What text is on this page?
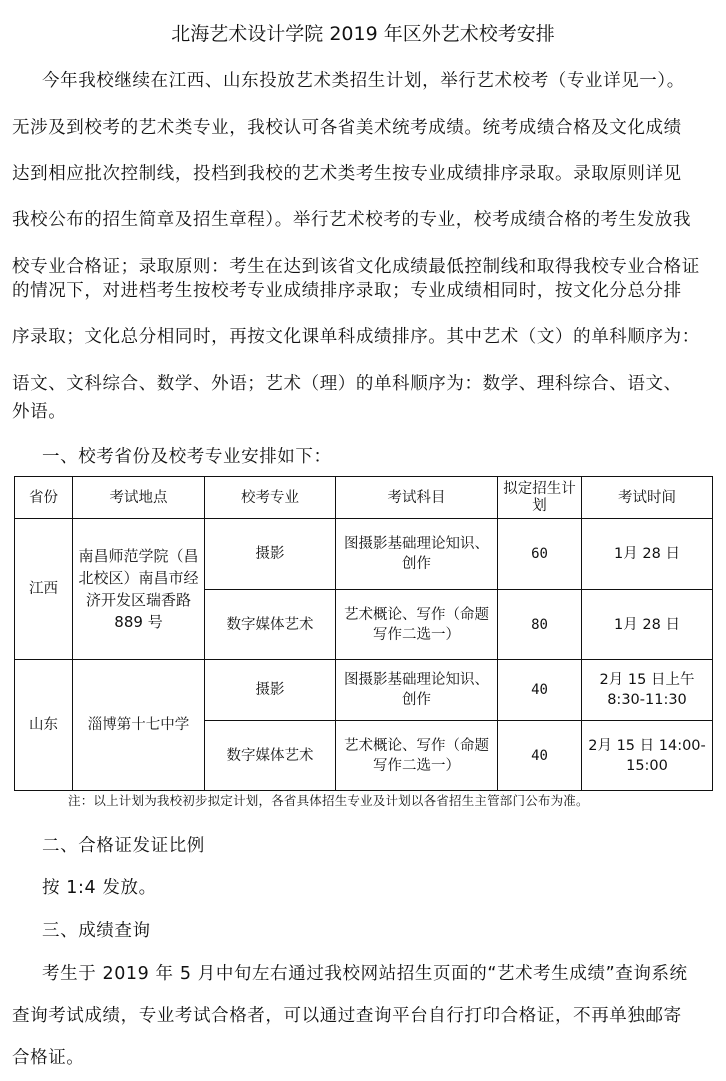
北海艺术设计学院 2019 年区外艺术校考安排
今年我校继续在江西、山东投放艺术类招生计划，举行艺术校考（专业详见一）。
无涉及到校考的艺术类专业，我校认可各省美术统考成绩。统考成绩合格及文化成绩
达到相应批次控制线，投档到我校的艺术类考生按专业成绩排序录取。录取原则详见
我校公布的招生简章及招生章程）。举行艺术校考的专业，校考成绩合格的考生发放我
校专业合格证；录取原则：考生在达到该省文化成绩最低控制线和取得我校专业合格证
的情况下，对进档考生按校考专业成绩排序录取；专业成绩相同时，按文化分总分排
序录取；文化总分相同时，再按文化课单科成绩排序。其中艺术（文）的单科顺序为：
语文、文科综合、数学、外语；艺术（理）的单科顺序为：数学、理科综合、语文、
外语。
一、校考省份及校考专业安排如下：
省份	考试地点	校考专业	考试科目	拟定招生计划	考试时间
江西	南昌师范学院（昌北校区）南昌市经济开发区瑞香路 889 号	摄影	图摄影基础理论知识、创作	60	1月 28 日
		数字媒体艺术	艺术概论、写作（命题写作二选一）	80	1月 28 日
山东	淄博第十七中学	摄影	图摄影基础理论知识、创作	40	2月 15 日上午 8:30-11:30
		数字媒体艺术	艺术概论、写作（命题写作二选一）	40	2月 15 日 14:00-15:00
注：以上计划为我校初步拟定计划，各省具体招生专业及计划以各省招生主管部门公布为准。
二、合格证发证比例
按 1:4 发放。
三、成绩查询
考生于 2019 年 5 月中旬左右通过我校网站招生页面的“艺术考生成绩”查询系统
查询考试成绩，专业考试合格者，可以通过查询平台自行打印合格证，不再单独邮寄
合格证。
